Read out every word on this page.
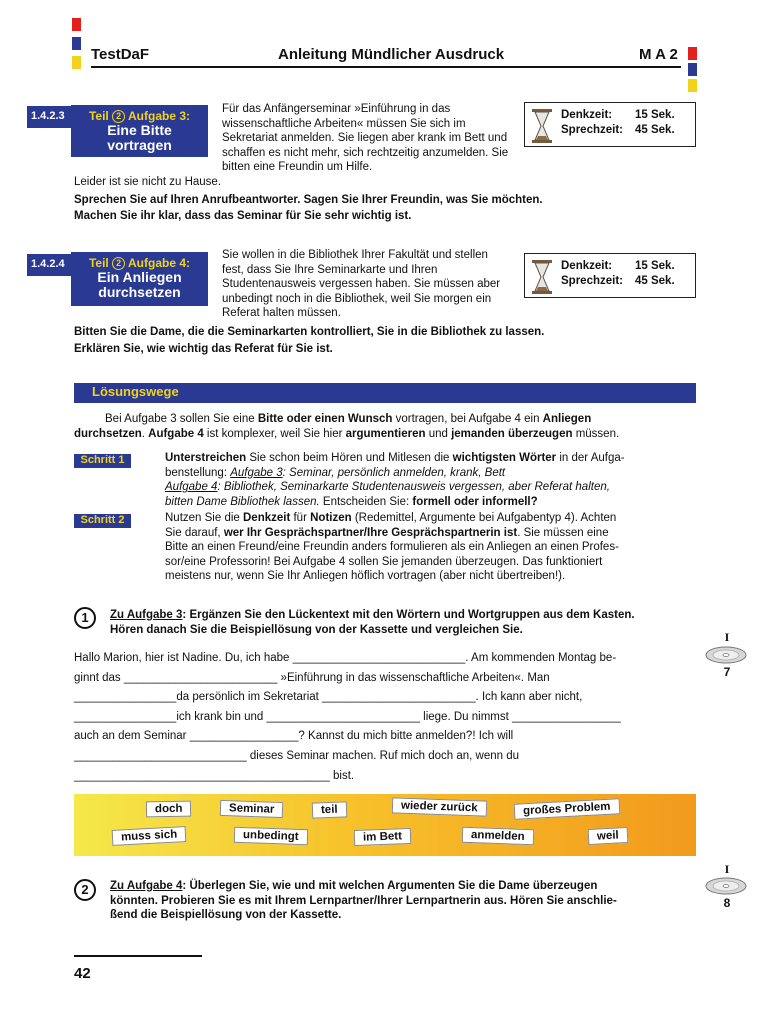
TestDaF	Anleitung Mündlicher Ausdruck	M A 2
1.4.2.3	Teil 2 Aufgabe 3:
Eine Bitte
vortragen
Für das Anfängerseminar »Einführung in das wissenschaftliche Arbeiten« müssen Sie sich im Sekretariat anmelden. Sie liegen aber krank im Bett und schaffen es nicht mehr, sich rechtzeitig anzumelden. Sie bitten eine Freundin um Hilfe.
Leider ist sie nicht zu Hause.
Sprechen Sie auf Ihren Anrufbeantworter. Sagen Sie Ihrer Freundin, was Sie möchten.
Machen Sie ihr klar, dass das Seminar für Sie sehr wichtig ist.
Denkzeit: 15 Sek.
Sprechzeit: 45 Sek.
1.4.2.4	Teil 2 Aufgabe 4:
Ein Anliegen
durchsetzen
Sie wollen in die Bibliothek Ihrer Fakultät und stellen fest, dass Sie Ihre Seminarkarte und Ihren Studentenausweis vergessen haben. Sie müssen aber unbedingt noch in die Bibliothek, weil Sie morgen ein Referat halten müssen.
Bitten Sie die Dame, die die Seminarkarten kontrolliert, Sie in die Bibliothek zu lassen.
Erklären Sie, wie wichtig das Referat für Sie ist.
Denkzeit: 15 Sek.
Sprechzeit: 45 Sek.
Lösungswege
Bei Aufgabe 3 sollen Sie eine Bitte oder einen Wunsch vortragen, bei Aufgabe 4 ein Anliegen
durchsetzen. Aufgabe 4 ist komplexer, weil Sie hier argumentieren und jemanden überzeugen müssen.
Schritt 1	Unterstreichen Sie schon beim Hören und Mitlesen die wichtigsten Wörter in der Aufga-
benstellung: Aufgabe 3: Seminar, persönlich anmelden, krank, Bett
Aufgabe 4: Bibliothek, Seminarkarte Studentenausweis vergessen, aber Referat halten,
bitten Dame Bibliothek lassen. Entscheiden Sie: formell oder informell?
Schritt 2	Nutzen Sie die Denkzeit für Notizen (Redemittel, Argumente bei Aufgabentyp 4). Achten
Sie darauf, wer Ihr Gesprächspartner/Ihre Gesprächspartnerin ist. Sie müssen eine
Bitte an einen Freund/eine Freundin anders formulieren als ein Anliegen an einen Profes-
sor/eine Professorin! Bei Aufgabe 4 sollen Sie jemanden überzeugen. Das funktioniert
meistens nur, wenn Sie Ihr Anliegen höflich vortragen (aber nicht übertreiben!).
1	Zu Aufgabe 3: Ergänzen Sie den Lückentext mit den Wörtern und Wortgruppen aus dem Kasten.
Hören danach Sie die Beispiellösung von der Kassette und vergleichen Sie.
I
7
Hallo Marion, hier ist Nadine. Du, ich habe ___________________________. Am kommenden Montag be-
ginnt das ________________________ »Einführung in das wissenschaftliche Arbeiten«. Man
________________da persönlich im Sekretariat ________________________. Ich kann aber nicht,
________________ich krank bin und ________________________ liege. Du nimmst _________________
auch an dem Seminar _________________? Kannst du mich bitte anmelden?! Ich will
___________________________ dieses Seminar machen. Ruf mich doch an, wenn du
________________________________________ bist.
doch	Seminar	teil	wieder zurück	großes Problem
muss sich	unbedingt	im Bett	anmelden	weil
2	Zu Aufgabe 4: Überlegen Sie, wie und mit welchen Argumenten Sie die Dame überzeugen
könnten. Probieren Sie es mit Ihrem Lernpartner/Ihrer Lernpartnerin aus. Hören Sie anschlie-
ßend die Beispiellösung von der Kassette.
I
8
42
